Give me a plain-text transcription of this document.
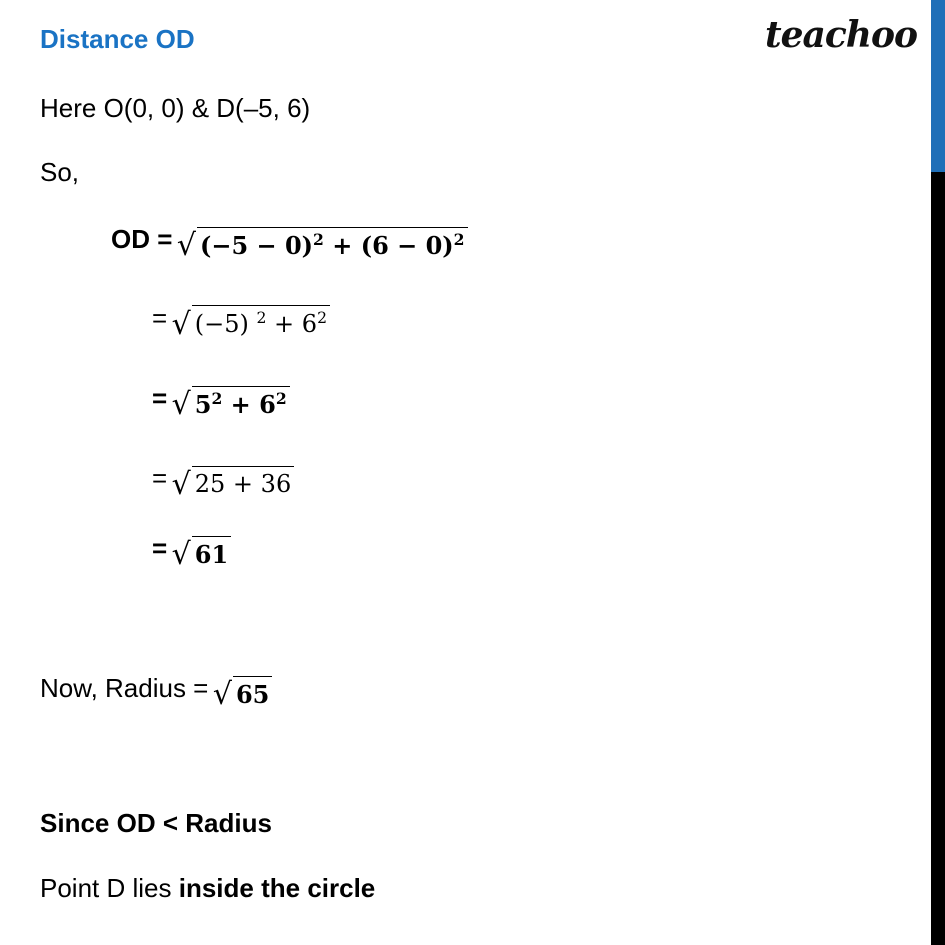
Distance OD	teachoo
Here O(0, 0) & D(–5, 6)
So,
OD = √ $(-5 - 0)^2 + (6 - 0)^2$
= √ (−5) $^2 + 6^2$
= √ $5^2 + 6^2$
= √ 25 + 36
= √ 61
Now, Radius = √ 65
Since OD < Radius
Point D lies inside the circle
